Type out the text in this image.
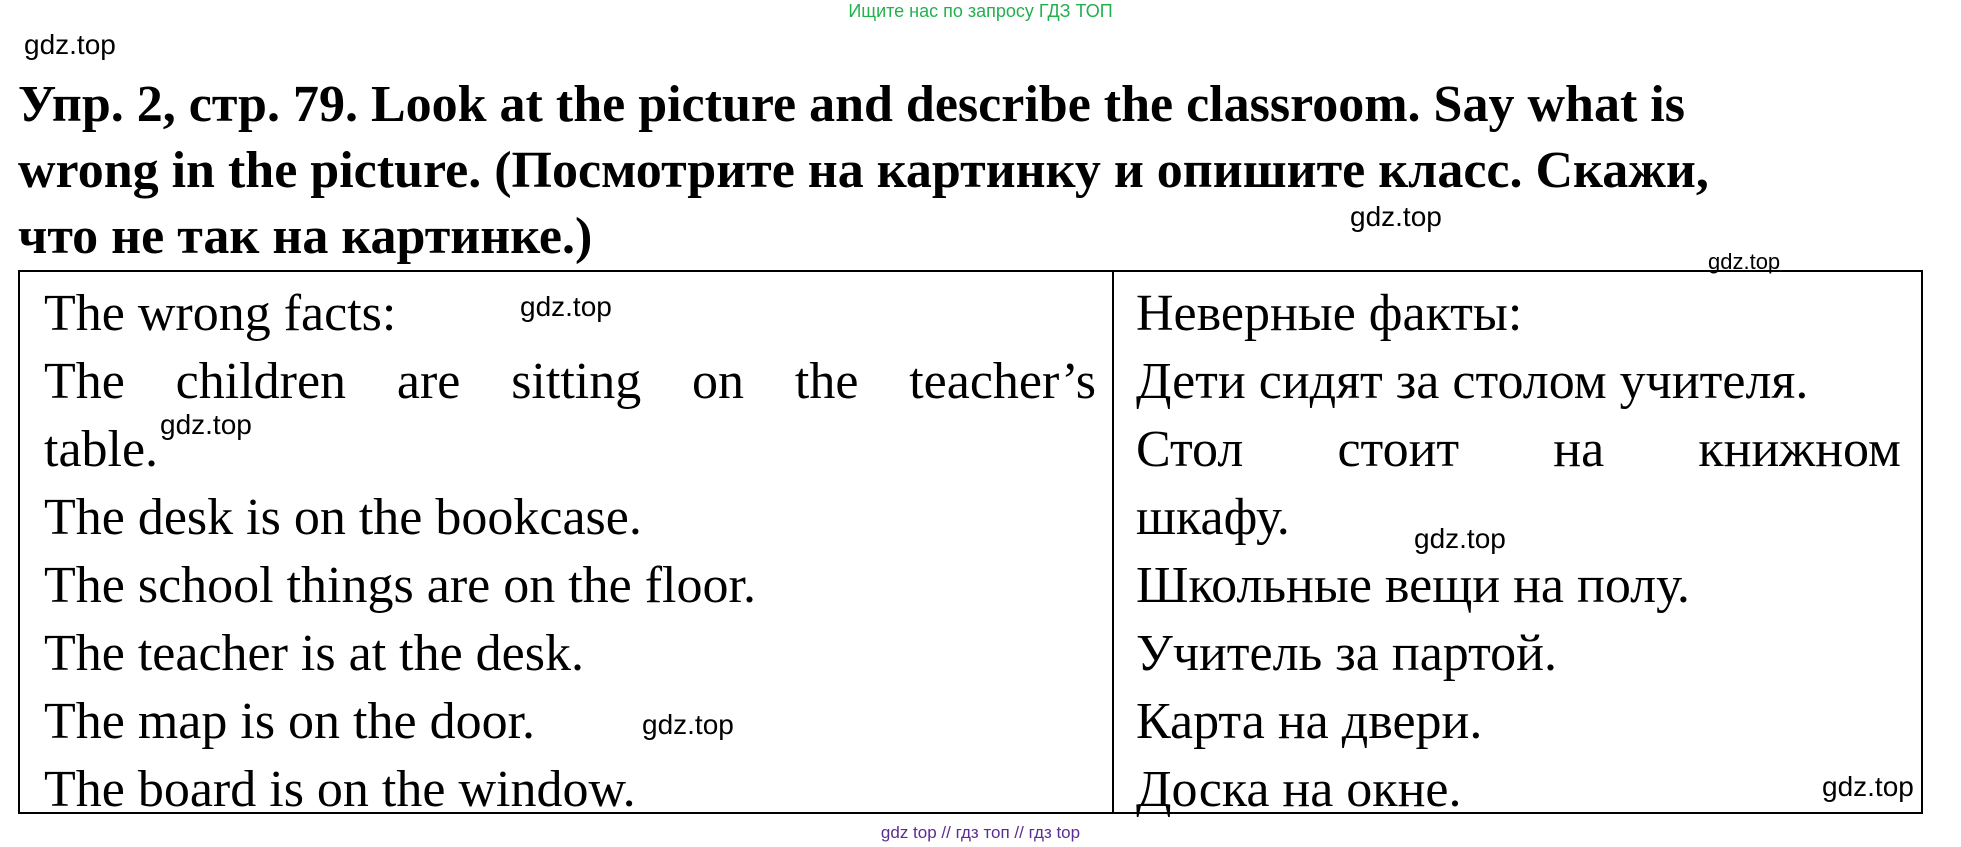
Ищите нас по запросу ГДЗ ТОП
gdz.top
Упр. 2, стр. 79. Look at the picture and describe the classroom. Say what is
wrong in the picture. (Посмотрите на картинку и опишите класс. Скажи,
что не так на картинке.)	gdz.top
gdz.top
The wrong facts:
The children are sitting on the teacher’s
table.
The desk is on the bookcase.
The school things are on the floor.
The teacher is at the desk.
The map is on the door.
The board is on the window.
Неверные факты:
Дети сидят за столом учителя.
Стол стоит на книжном
шкафу.
Школьные вещи на полу.
Учитель за партой.
Карта на двери.
Доска на окне.
gdz.top
gdz.top
gdz.top
gdz.top
gdz.top
gdz top // гдз топ // гдз top
